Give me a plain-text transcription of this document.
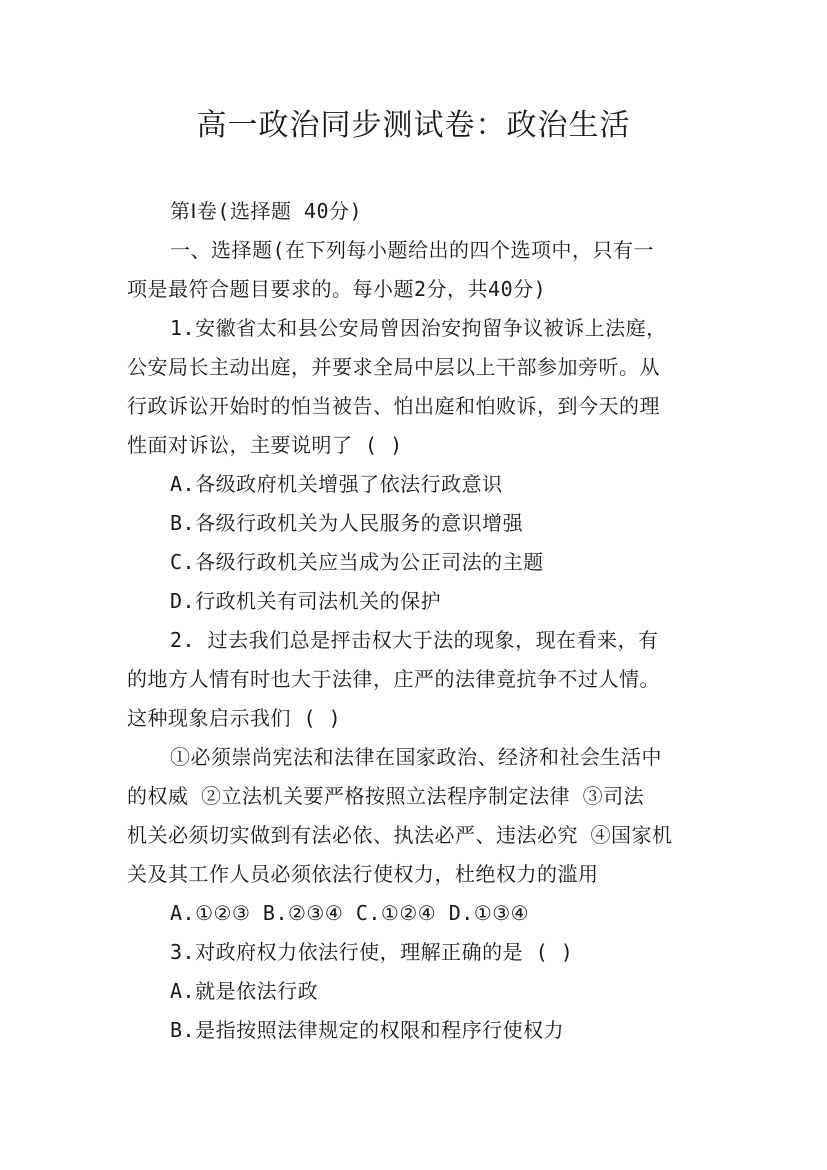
高一政治同步测试卷：政治生活
第Ⅰ卷(选择题 40分)
一、选择题(在下列每小题给出的四个选项中，只有一
项是最符合题目要求的。每小题2分，共40分)
1.安徽省太和县公安局曾因治安拘留争议被诉上法庭，
公安局长主动出庭，并要求全局中层以上干部参加旁听。从
行政诉讼开始时的怕当被告、怕出庭和怕败诉，到今天的理
性面对诉讼，主要说明了 ( )
A.各级政府机关增强了依法行政意识
B.各级行政机关为人民服务的意识增强
C.各级行政机关应当成为公正司法的主题
D.行政机关有司法机关的保护
2. 过去我们总是抨击权大于法的现象，现在看来，有
的地方人情有时也大于法律，庄严的法律竟抗争不过人情。
这种现象启示我们 ( )
①必须崇尚宪法和法律在国家政治、经济和社会生活中
的权威 ②立法机关要严格按照立法程序制定法律 ③司法
机关必须切实做到有法必依、执法必严、违法必究 ④国家机
关及其工作人员必须依法行使权力，杜绝权力的滥用
A.①②③ B.②③④ C.①②④ D.①③④
3.对政府权力依法行使，理解正确的是 ( )
A.就是依法行政
B.是指按照法律规定的权限和程序行使权力
